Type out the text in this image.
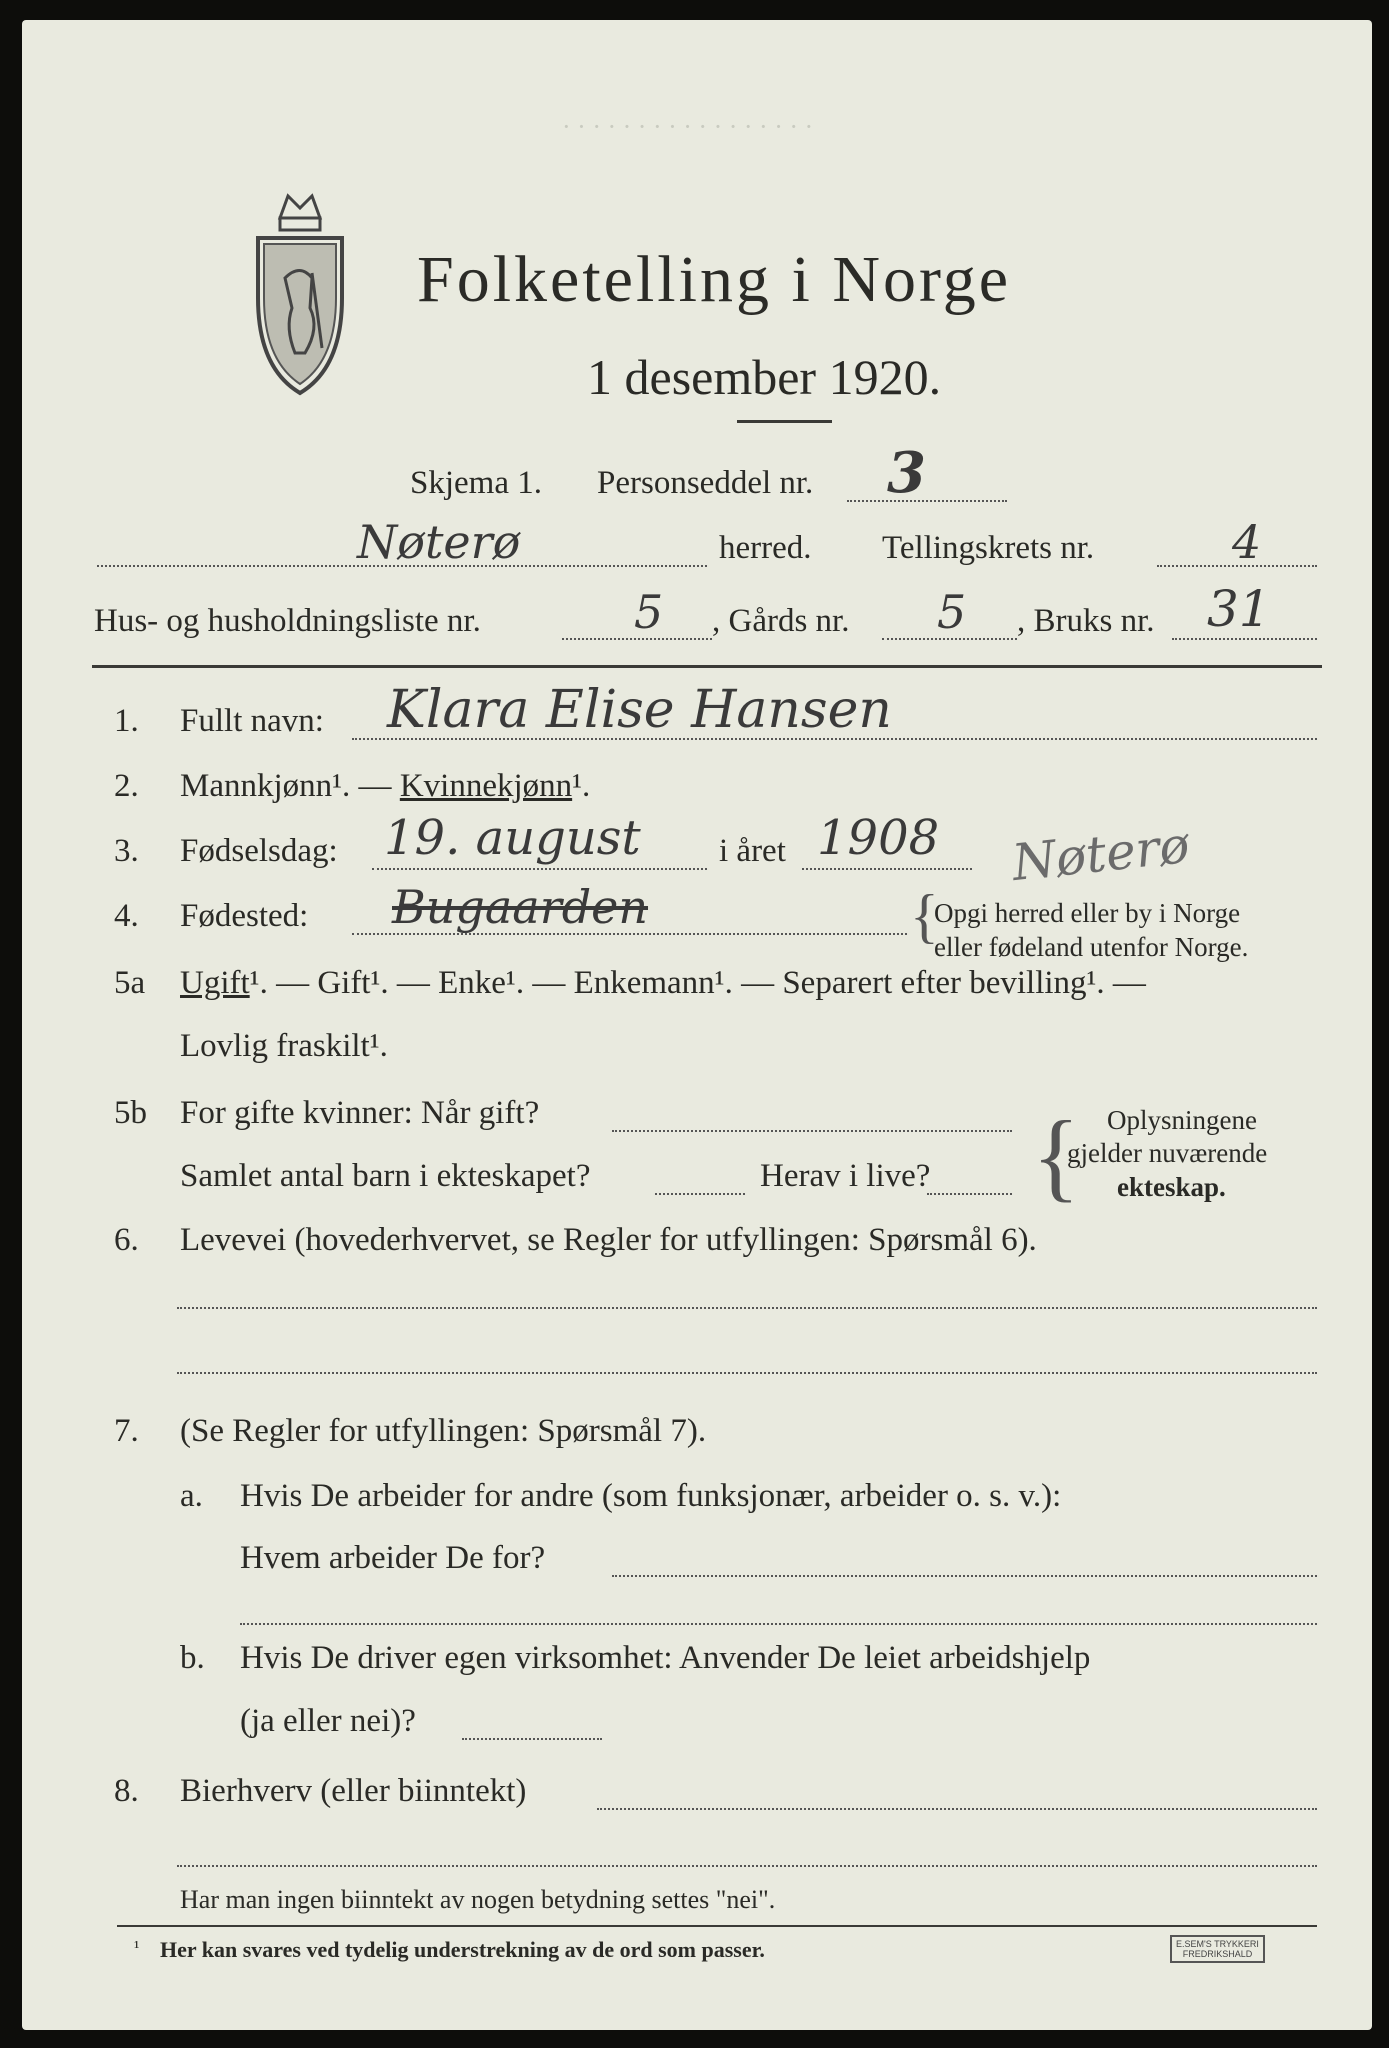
· · · · · · · · · · · · · · · · ·
Folketelling i Norge
1 desember 1920.
Skjema 1. Personseddel nr. 3
Nøterø	herred. Tellingskrets nr.	4
Hus- og husholdningsliste nr.	5 , Gårds nr. 5 , Bruks nr. 31
1. Fullt navn: Klara Elise Hansen
2. Mannkjønn¹. — Kvinnekjønn¹.
3. Fødselsdag: 19. august i året 1908 Nøterø
4. Fødested: Bugaarden	{
Opgi herred eller by i Norge
eller fødeland utenfor Norge.
5a Ugift¹. — Gift¹. — Enke¹. — Enkemann¹. — Separert efter bevilling¹. —
Lovlig fraskilt¹.
5b For gifte kvinner: Når gift?
Samlet antal barn i ekteskapet?	Herav i live? { Oplysningene
gjelder nuværende
ekteskap.
6. Levevei (hovederhvervet, se Regler for utfyllingen: Spørsmål 6).
7. (Se Regler for utfyllingen: Spørsmål 7).
a. Hvis De arbeider for andre (som funksjonær, arbeider o. s. v.):
Hvem arbeider De for?
b. Hvis De driver egen virksomhet: Anvender De leiet arbeidshjelp
(ja eller nei)?
8. Bierhverv (eller biinntekt)
Har man ingen biinntekt av nogen betydning settes "nei".
¹ Her kan svares ved tydelig understrekning av de ord som passer.	E.SEM'S TRYKKERI
FREDRIKSHALD
